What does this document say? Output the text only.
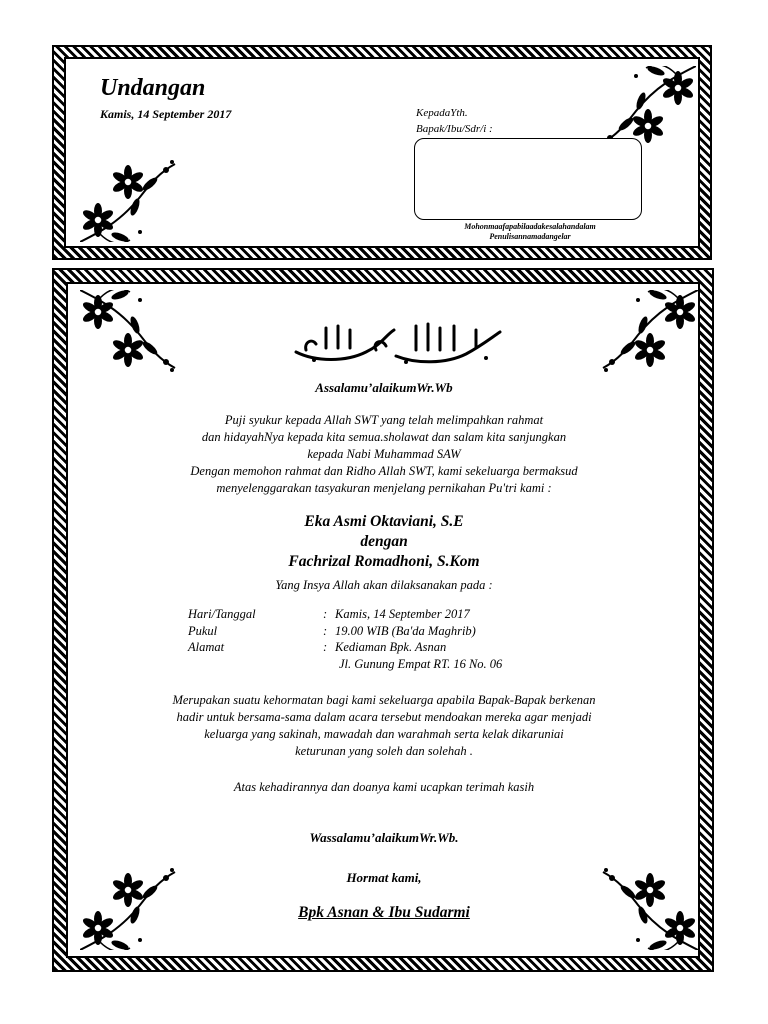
Undangan
Kamis, 14 September 2017	KepadaYth.
Bapak/Ibu/Sdr/i :
Mohonmaafapabilaadakesalahandalam
Penulisannamadangelar
Assalamu’alaikumWr.Wb
Puji syukur kepada Allah SWT yang telah melimpahkan rahmat
dan hidayahNya kepada kita semua.sholawat dan salam kita sanjungkan
kepada Nabi Muhammad SAW
Dengan memohon rahmat dan Ridho Allah SWT, kami sekeluarga bermaksud
menyelenggarakan tasyakuran menjelang pernikahan Pu'tri kami :
Eka Asmi Oktaviani, S.E
dengan
Fachrizal Romadhoni, S.Kom
Yang Insya Allah akan dilaksanakan pada :
Hari/Tanggal	: Kamis, 14 September 2017
Pukul	: 19.00 WIB (Ba'da Maghrib)
Alamat	: Kediaman Bpk. Asnan
Jl. Gunung Empat RT. 16 No. 06
Merupakan suatu kehormatan bagi kami sekeluarga apabila Bapak-Bapak berkenan
hadir untuk bersama-sama dalam acara tersebut mendoakan mereka agar menjadi
keluarga yang sakinah, mawadah dan warahmah serta kelak dikaruniai
keturunan yang soleh dan solehah .
Atas kehadirannya dan doanya kami ucapkan terimah kasih
Wassalamu’alaikumWr.Wb.
Hormat kami,
Bpk Asnan & Ibu Sudarmi
